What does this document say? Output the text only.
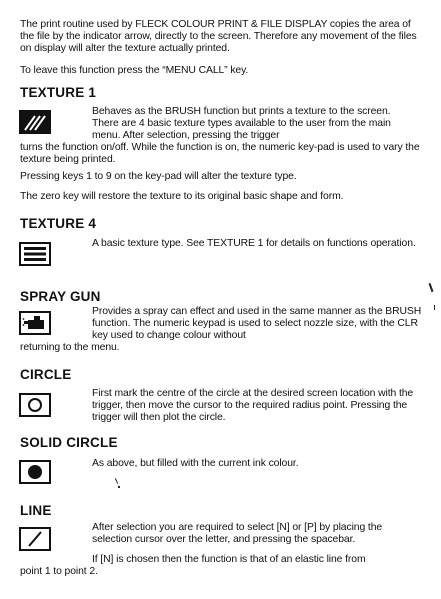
The print routine used by FLECK COLOUR PRINT & FILE DISPLAY copies the area of the file by the indicator arrow, directly to the screen. Therefore any movement of the files on display will alter the texture actually printed.

To leave this function press the “MENU CALL” key.

TEXTURE 1

Behaves as the BRUSH function but prints a texture to the screen. There are 4 basic texture types available to the user from the main menu. After selection, pressing the trigger

turns the function on/off. While the function is on, the numeric key-pad is used to vary the texture being printed.

Pressing keys 1 to 9 on the key-pad will alter the texture type.

The zero key will restore the texture to its original basic shape and form.

TEXTURE 4

A basic texture type. See TEXTURE 1 for details on functions operation.

SPRAY GUN

Provides a spray can effect and used in the same manner as the BRUSH function. The numeric keypad is used to select nozzle size, with the CLR key used to change colour without

returning to the menu.

CIRCLE

First mark the centre of the circle at the desired screen location with the trigger, then move the cursor to the required radius point. Pressing the trigger will then plot the circle.

SOLID CIRCLE

As above, but filled with the current ink colour.

LINE

After selection you are required to select [N] or [P] by placing the selection cursor over the letter, and pressing the spacebar.

If [N] is chosen then the function is that of an elastic line from

point 1 to point 2.
